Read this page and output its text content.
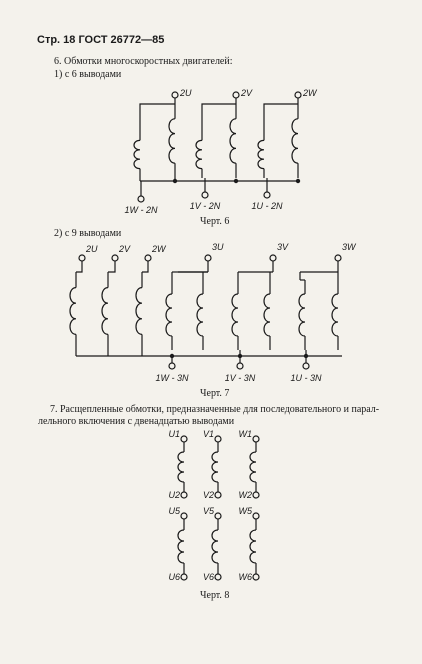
Стр. 18 ГОСТ 26772—85
6. Обмотки многоскоростных двигателей:
1) с 6 выводами
Черт. 6
2) с 9 выводами
Черт. 7
7. Расщепленные обмотки, предназначенные для последовательного и парал-
лельного включения с двенадцатью выводами
Черт. 8
2U	2V	2W
1W - 2N	1V - 2N	1U - 2N
2U 2V 2W	3U	3V	3W
1W - 3N	1V - 3N	1U - 3N
U1
U2
V1
V2
W1
W2
U5
U6
V5
V6
W5
W6
